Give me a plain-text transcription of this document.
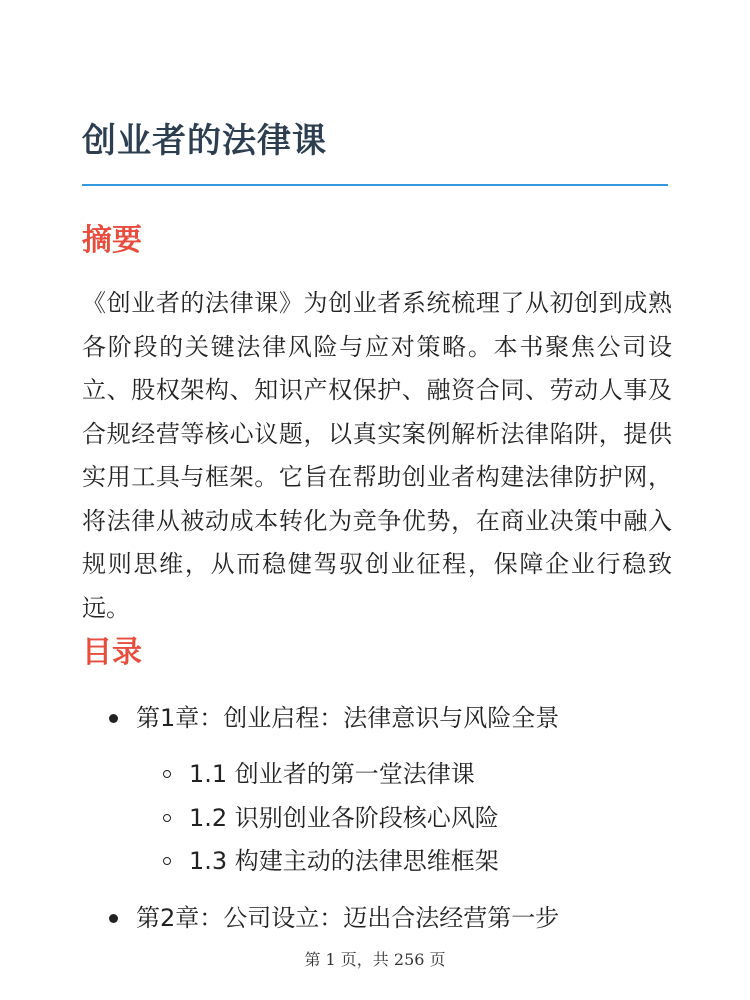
创业者的法律课
摘要

《创业者的法律课》为创业者系统梳理了从初创到成熟各阶段的关键法律风险与应对策略。本书聚焦公司设立、股权架构、知识产权保护、融资合同、劳动人事及合规经营等核心议题，以真实案例解析法律陷阱，提供实用工具与框架。它旨在帮助创业者构建法律防护网，将法律从被动成本转化为竞争优势，在商业决策中融入规则思维，从而稳健驾驭创业征程，保障企业行稳致远。

目录
第1章：创业启程：法律意识与风险全景
1.1 创业者的第一堂法律课
1.2 识别创业各阶段核心风险
1.3 构建主动的法律思维框架
第2章：公司设立：迈出合法经营第一步
第 1 页，共 256 页
